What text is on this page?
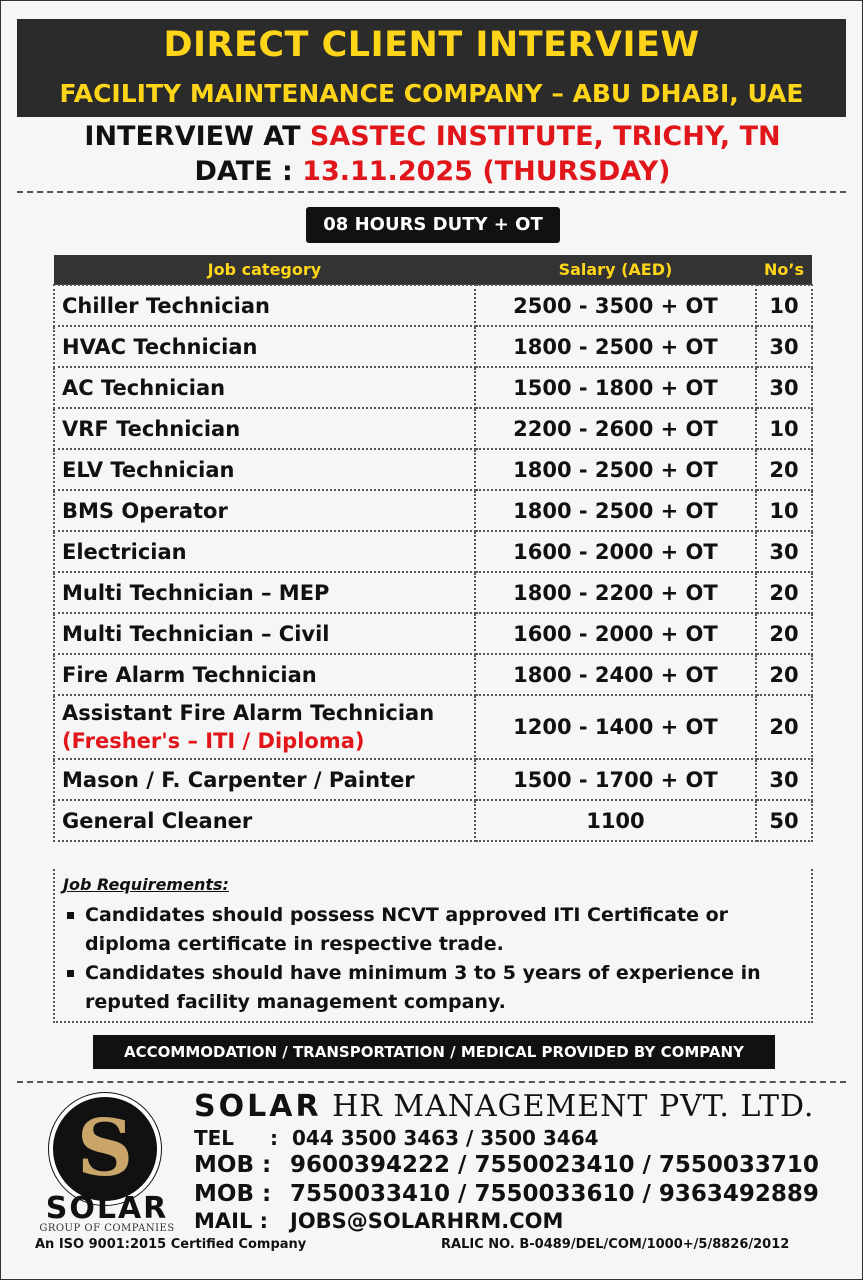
DIRECT CLIENT INTERVIEW
FACILITY MAINTENANCE COMPANY – ABU DHABI, UAE
INTERVIEW AT SASTEC INSTITUTE, TRICHY, TN
DATE : 13.11.2025 (THURSDAY)
08 HOURS DUTY + OT
Job category	Salary (AED)	No’s
Chiller Technician	2500 - 3500 + OT	10
HVAC Technician	1800 - 2500 + OT	30
AC Technician	1500 - 1800 + OT	30
VRF Technician	2200 - 2600 + OT	10
ELV Technician	1800 - 2500 + OT	20
BMS Operator	1800 - 2500 + OT	10
Electrician	1600 - 2000 + OT	30
Multi Technician – MEP	1800 - 2200 + OT	20
Multi Technician – Civil	1600 - 2000 + OT	20
Fire Alarm Technician	1800 - 2400 + OT	20
Assistant Fire Alarm Technician
(Fresher's – ITI / Diploma)	1200 - 1400 + OT	20
Mason / F. Carpenter / Painter	1500 - 1700 + OT	30
General Cleaner	1100	50
Job Requirements:
Candidates should possess NCVT approved ITI Certificate or diploma certificate in respective trade.
Candidates should have minimum 3 to 5 years of experience in reputed facility management company.
ACCOMMODATION / TRANSPORTATION / MEDICAL PROVIDED BY COMPANY
S
SOLAR
GROUP OF COMPANIES
SOLAR HR MANAGEMENT PVT. LTD.
TEL : 044 3500 3463 / 3500 3464
MOB : 9600394222 / 7550023410 / 7550033710
MOB : 7550033410 / 7550033610 / 9363492889
MAIL : JOBS@SOLARHRM.COM
An ISO 9001:2015 Certified Company	RALIC NO. B-0489/DEL/COM/1000+/5/8826/2012
